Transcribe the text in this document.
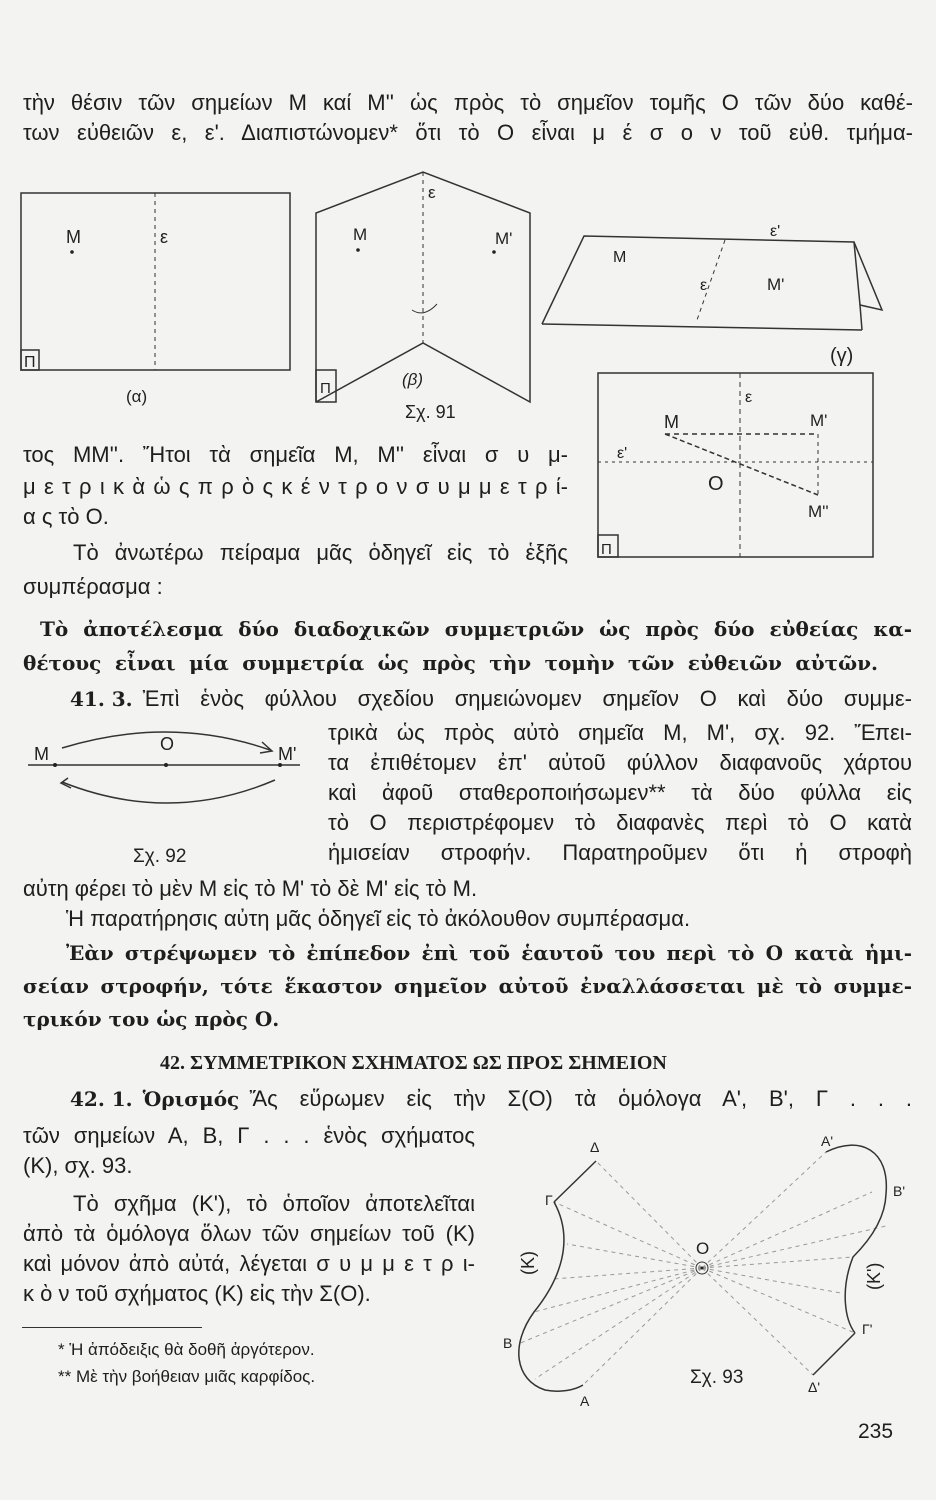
τὴν θέσιν τῶν σημείων Μ καί Μ'' ὡς πρὸς τὸ σημεῖον τομῆς Ο τῶν δύο καθέ-
των εὐθειῶν ε, ε'. Διαπιστώνομεν* ὅτι τὸ Ο εἶναι μ έ σ ο ν τοῦ εὐθ. τμήμα-
Μ	ε
Π
(α)
ε
Μ	Μ'
Π	(β)
Σχ. 91
ε'
Μ
ε	Μ'
(γ)
ε
Μ	Μ'
ε'
Ο
Μ''
Π
τος ΜΜ''. Ἤτοι τὰ σημεῖα Μ, Μ'' εἶναι σ υ μ-
μ ε τ ρ ι κ ὰ ὡ ς π ρ ὸ ς κ έ ν τ ρ ο ν σ υ μ μ ε τ ρ ί-
α ς τὸ Ο.
Τὸ ἀνωτέρω πείραμα μᾶς ὁδηγεῖ εἰς τὸ ἑξῆς
συμπέρασμα :
Τὸ ἀποτέλεσμα δύο διαδοχικῶν συμμετριῶν ὡς πρὸς δύο εὐθείας κα-
θέτους εἶναι μία συμμετρία ὡς πρὸς τὴν τομὴν τῶν εὐθειῶν αὐτῶν.
41. 3. Ἐπὶ ἑνὸς φύλλου σχεδίου σημειώνομεν σημεῖον Ο καὶ δύο συμμε-
τρικὰ ὡς πρὸς αὐτὸ σημεῖα Μ, Μ', σχ. 92. Ἔπει-
τα ἐπιθέτομεν ἐπ' αὐτοῦ φύλλον διαφανοῦς χάρτου
καὶ ἀφοῦ σταθεροποιήσωμεν** τὰ δύο φύλλα εἰς
τὸ Ο περιστρέφομεν τὸ διαφανὲς περὶ τὸ Ο κατὰ
ἡμισείαν στροφήν. Παρατηροῦμεν ὅτι ἡ στροφὴ
αὐτη φέρει τὸ μὲν Μ εἰς τὸ Μ' τὸ δὲ Μ' εἰς τὸ Μ.
Μ	Ο	Μ'
Σχ. 92
Ἡ παρατήρησις αὐτη μᾶς ὁδηγεῖ εἰς τὸ ἀκόλουθον συμπέρασμα.
Ἐὰν στρέψωμεν τὸ ἐπίπεδον ἐπὶ τοῦ ἑαυτοῦ του περὶ τὸ Ο κατὰ ἡμι-
σείαν στροφήν, τότε ἕκαστον σημεῖον αὐτοῦ ἐναλλάσσεται μὲ τὸ συμμε-
τρικόν του ὡς πρὸς Ο.
42. ΣΥΜΜΕΤΡΙΚΟΝ ΣΧΗΜΑΤΟΣ ΩΣ ΠΡΟΣ ΣΗΜΕΙΟΝ
42. 1. Ὁρισμός Ἄς εὕρωμεν εἰς τὴν Σ(Ο) τὰ ὁμόλογα Α', Β', Γ . . .
τῶν σημείων Α, Β, Γ . . . ἑνὸς σχήματος
(Κ), σχ. 93.
Τὸ σχῆμα (Κ'), τὸ ὁποῖον ἀποτελεῖται
ἀπὸ τὰ ὁμόλογα ὅλων τῶν σημείων τοῦ (Κ)
καὶ μόνον ἀπὸ αὐτά, λέγεται σ υ μ μ ε τ ρ ι-
κ ὸ ν τοῦ σχήματος (Κ) εἰς τὴν Σ(Ο).
Δ
Γ
Β
Α
(Κ)
Ο
Α'
Β'
Γ'
Δ'
(Κ')
Σχ. 93
* Ἡ ἀπόδειξις θὰ δοθῆ ἀργότερον.
** Μὲ τὴν βοήθειαν μιᾶς καρφίδος.
235
